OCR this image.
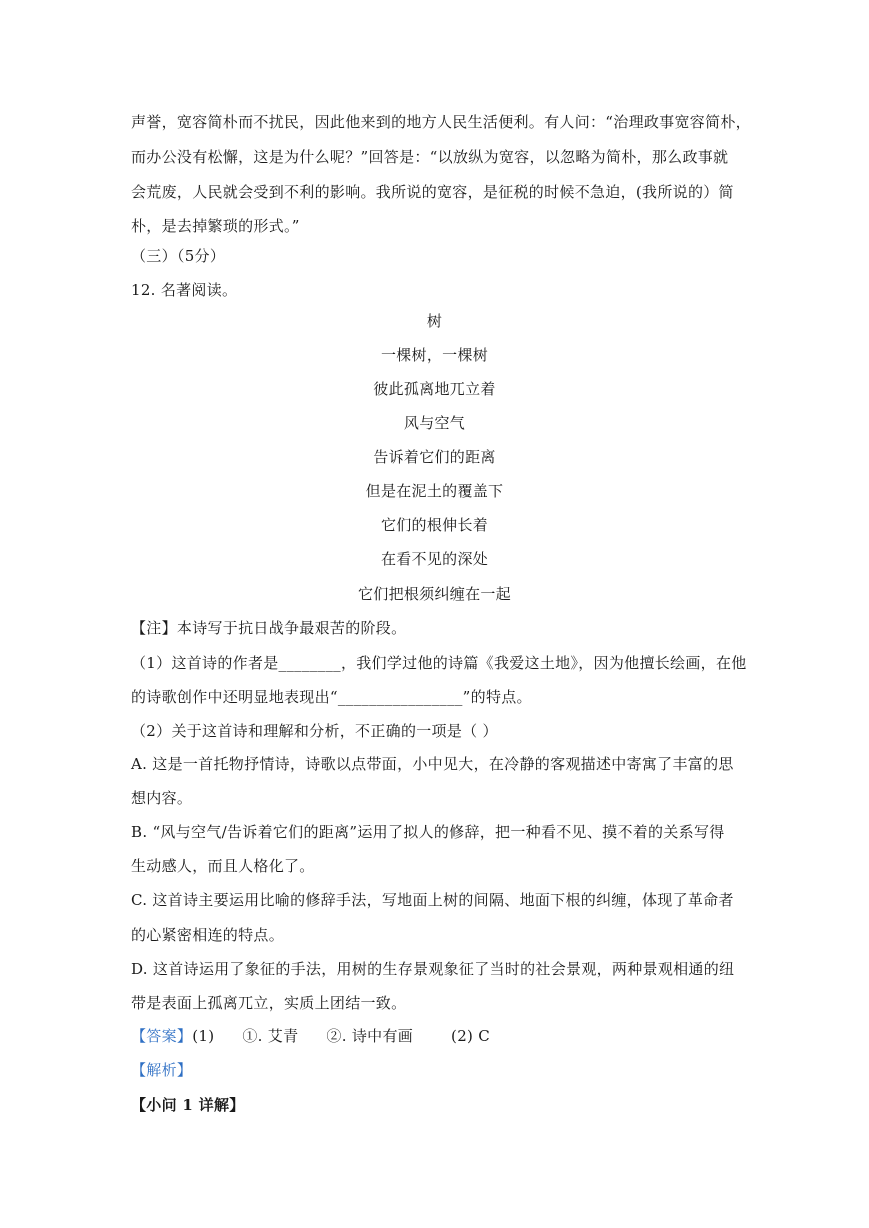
声誉，宽容简朴而不扰民，因此他来到的地方人民生活便利。有人问：“治理政事宽容简朴，
而办公没有松懈，这是为什么呢？”回答是：“以放纵为宽容，以忽略为简朴，那么政事就
会荒废，人民就会受到不利的影响。我所说的宽容，是征税的时候不急迫，(我所说的）简
朴，是去掉繁琐的形式。”
（三）（5分）
12. 名著阅读。
树
一棵树，一棵树
彼此孤离地兀立着
风与空气
告诉着它们的距离
但是在泥土的覆盖下
它们的根伸长着
在看不见的深处
它们把根须纠缠在一起
【注】本诗写于抗日战争最艰苦的阶段。
（1）这首诗的作者是________，我们学过他的诗篇《我爱这土地》，因为他擅长绘画，在他
的诗歌创作中还明显地表现出“________________”的特点。
（2）关于这首诗和理解和分析，不正确的一项是（ ）
A. 这是一首托物抒情诗，诗歌以点带面，小中见大，在冷静的客观描述中寄寓了丰富的思
想内容。
B. “风与空气/告诉着它们的距离”运用了拟人的修辞，把一种看不见、摸不着的关系写得
生动感人，而且人格化了。
C. 这首诗主要运用比喻的修辞手法，写地面上树的间隔、地面下根的纠缠，体现了革命者
的心紧密相连的特点。
D. 这首诗运用了象征的手法，用树的生存景观象征了当时的社会景观，两种景观相通的纽
带是表面上孤离兀立，实质上团结一致。
【答案】(1) ①. 艾青 ②. 诗中有画	(2) C
【解析】
【小问 1 详解】
